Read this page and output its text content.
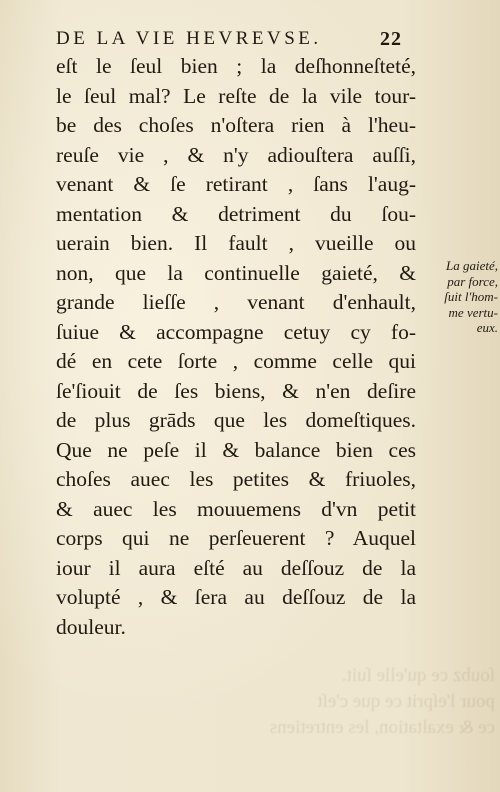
ſoubz ce qu'elle ſuit.
pour l'eſprit ce que c'eſt
ce & exaltation, les entretiens
DE LA VIE HEVREVSE.	22
eſt le ſeul bien ; la deſhonneſteté,
le ſeul mal? Le reſte de la vile tour-
be des choſes n'oſtera rien à l'heu-
reuſe vie , & n'y adiouſtera auſſi,
venant & ſe retirant , ſans l'aug-
mentation & detriment du ſou-
uerain bien. Il fault , vueille ou
non, que la continuelle gaieté, &
grande lieſſe , venant d'enhault,
ſuiue & accompagne cetuy cy fo-
dé en cete ſorte , comme celle qui
ſe'ſiouit de ſes biens, & n'en deſire
de plus grāds que les domeſtiques.
Que ne peſe il & balance bien ces
choſes auec les petites & friuoles,
& auec les mouuemens d'vn petit
corps qui ne perſeuerent ? Auquel
iour il aura eſté au deſſouz de la
volupté , & ſera au deſſouz de la
douleur.
La gaieté,
par force,
ſuit l'hom-
me vertu-
eux.
